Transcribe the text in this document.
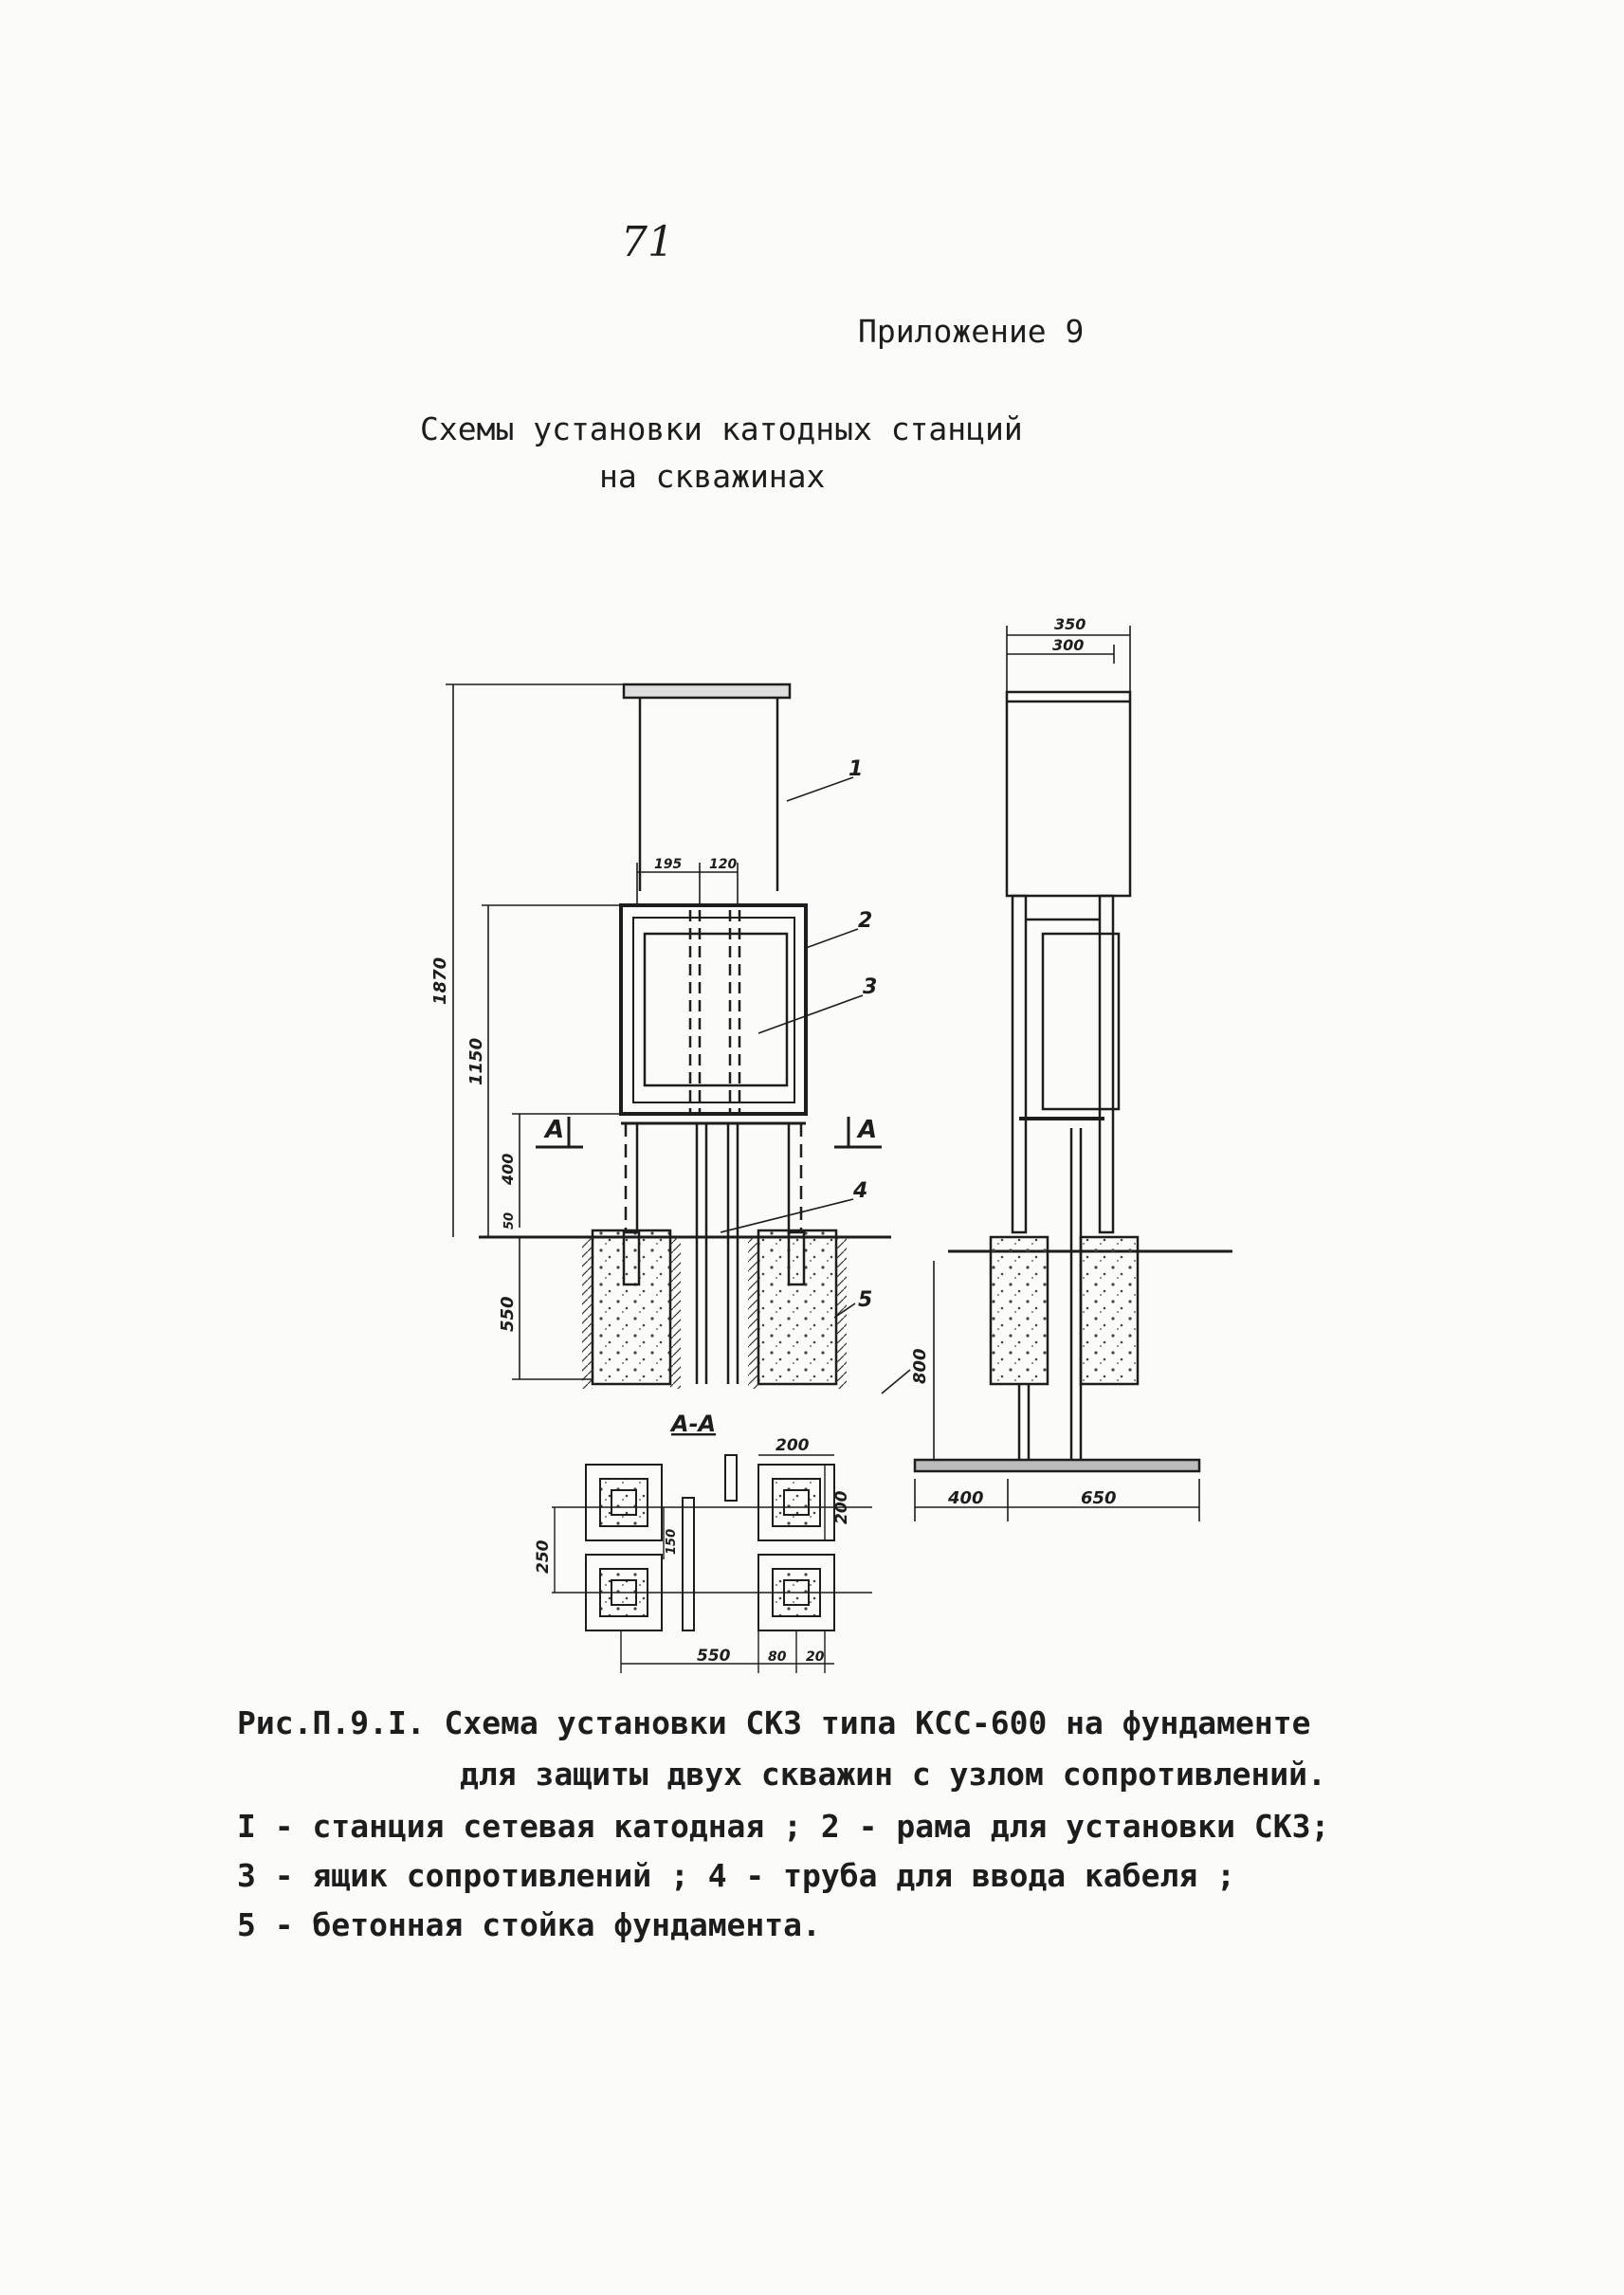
71
Приложение 9
Схемы установки катодных станций
на скважинах
1
2
3
4
5
А	А
А-А
350
300
195 120
1870
1150
400
50
550
800
200
200
250	150
550	80 20
400	650
Рис.П.9.I. Схема установки СКЗ типа КСС-600 на фундаменте
для защиты двух скважин с узлом сопротивлений.
I - станция сетевая катодная ; 2 - рама для установки СКЗ;
3 - ящик сопротивлений ; 4 - труба для ввода кабеля ;
5 - бетонная стойка фундамента.
